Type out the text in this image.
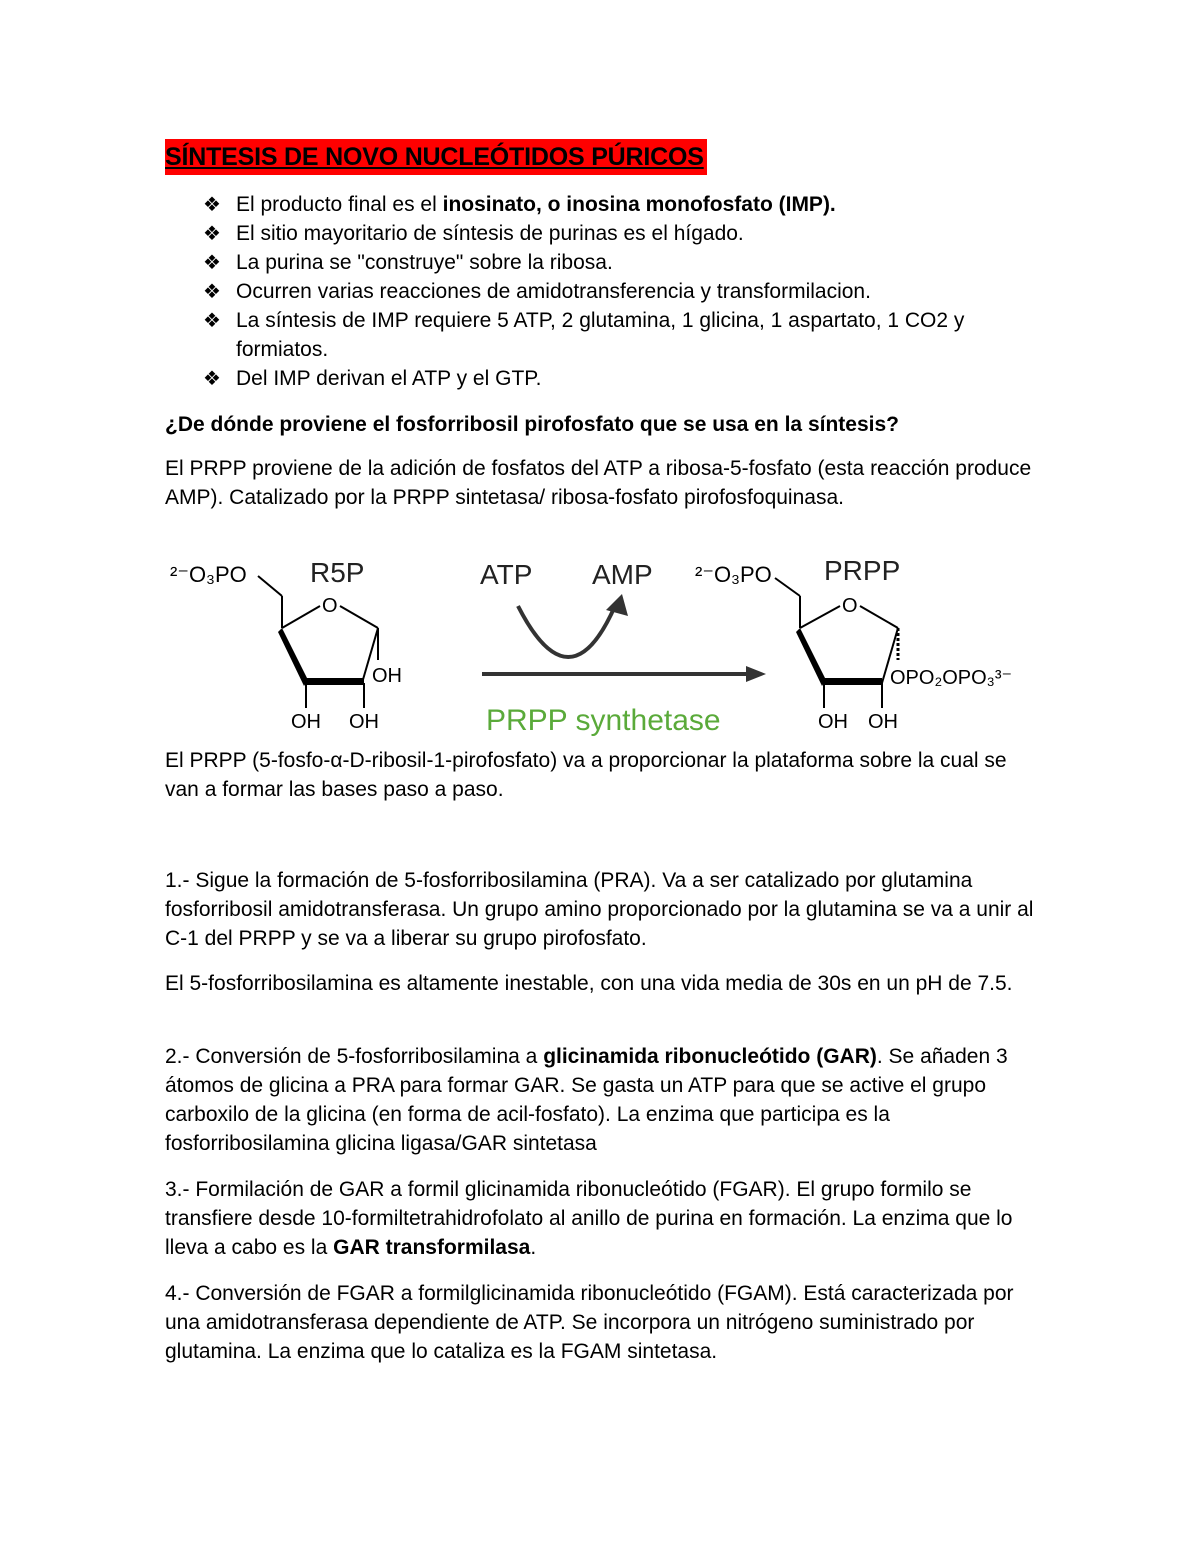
SÍNTESIS DE NOVO NUCLEÓTIDOS PÚRICOS
❖ El producto final es el inosinato, o inosina monofosfato (IMP).
❖ El sitio mayoritario de síntesis de purinas es el hígado.
❖ La purina se "construye" sobre la ribosa.
❖ Ocurren varias reacciones de amidotransferencia y transformilacion.
❖ La síntesis de IMP requiere 5 ATP, 2 glutamina, 1 glicina, 1 aspartato, 1 CO2 y formiatos.
❖ Del IMP derivan el ATP y el GTP.

¿De dónde proviene el fosforribosil pirofosfato que se usa en la síntesis?

El PRPP proviene de la adición de fosfatos del ATP a ribosa-5-fosfato (esta reacción produce AMP). Catalizado por la PRPP sintetasa/ ribosa-fosfato pirofosfoquinasa.

²⁻O₃PO
O
OH
OH OH
R5P	ATP AMP
PRPP synthetase
²⁻O₃PO
O
OPO₂OPO₃³⁻
OH OH
PRPP

El PRPP (5-fosfo-α-D-ribosil-1-pirofosfato) va a proporcionar la plataforma sobre la cual se van a formar las bases paso a paso.

1.- Sigue la formación de 5-fosforribosilamina (PRA). Va a ser catalizado por glutamina fosforribosil amidotransferasa. Un grupo amino proporcionado por la glutamina se va a unir al C-1 del PRPP y se va a liberar su grupo pirofosfato.

El 5-fosforribosilamina es altamente inestable, con una vida media de 30s en un pH de 7.5.

2.- Conversión de 5-fosforribosilamina a glicinamida ribonucleótido (GAR). Se añaden 3 átomos de glicina a PRA para formar GAR. Se gasta un ATP para que se active el grupo carboxilo de la glicina (en forma de acil-fosfato). La enzima que participa es la fosforribosilamina glicina ligasa/GAR sintetasa

3.- Formilación de GAR a formil glicinamida ribonucleótido (FGAR). El grupo formilo se transfiere desde 10-formiltetrahidrofolato al anillo de purina en formación. La enzima que lo lleva a cabo es la GAR transformilasa.

4.- Conversión de FGAR a formilglicinamida ribonucleótido (FGAM). Está caracterizada por una amidotransferasa dependiente de ATP. Se incorpora un nitrógeno suministrado por glutamina. La enzima que lo cataliza es la FGAM sintetasa.
